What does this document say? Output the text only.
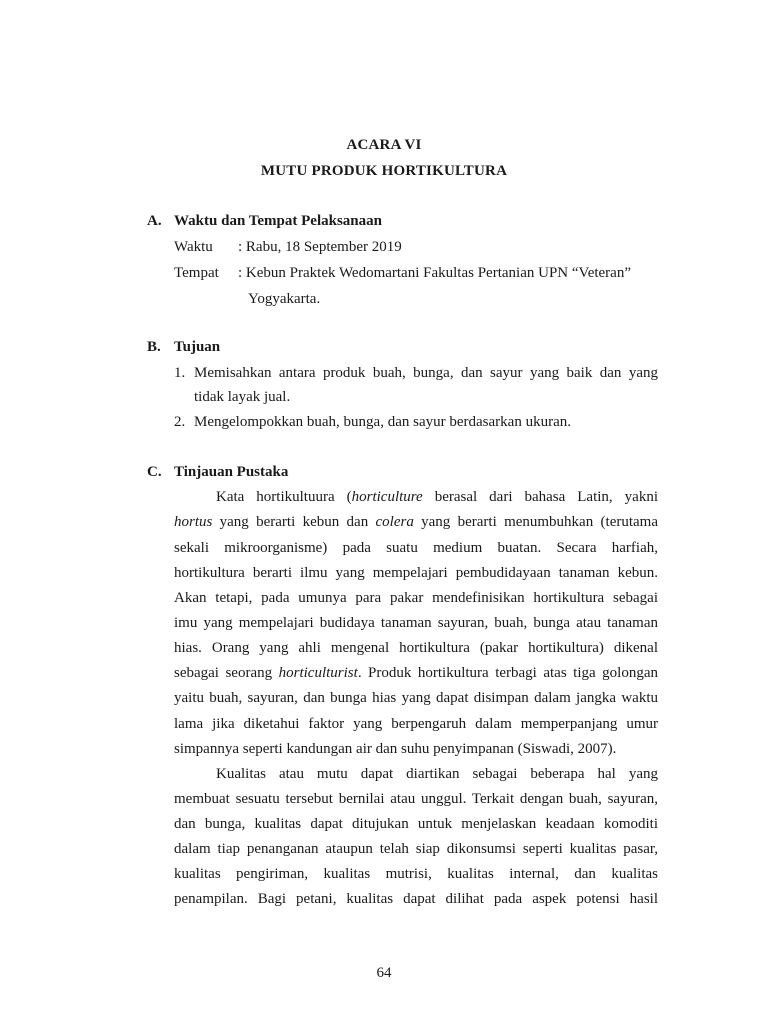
ACARA VI
MUTU PRODUK HORTIKULTURA
A. Waktu dan Tempat Pelaksanaan
Waktu : Rabu, 18 September 2019
Tempat : Kebun Praktek Wedomartani Fakultas Pertanian UPN “Veteran”
Yogyakarta.
B. Tujuan
1. Memisahkan antara produk buah, bunga, dan sayur yang baik dan yang
tidak layak jual.
2. Mengelompokkan buah, bunga, dan sayur berdasarkan ukuran.
C. Tinjauan Pustaka
Kata hortikultuura (horticulture berasal dari bahasa Latin, yakni
hortus yang berarti kebun dan colera yang berarti menumbuhkan (terutama
sekali mikroorganisme) pada suatu medium buatan. Secara harfiah,
hortikultura berarti ilmu yang mempelajari pembudidayaan tanaman kebun.
Akan tetapi, pada umunya para pakar mendefinisikan hortikultura sebagai
imu yang mempelajari budidaya tanaman sayuran, buah, bunga atau tanaman
hias. Orang yang ahli mengenal hortikultura (pakar hortikultura) dikenal
sebagai seorang horticulturist. Produk hortikultura terbagi atas tiga golongan
yaitu buah, sayuran, dan bunga hias yang dapat disimpan dalam jangka waktu
lama jika diketahui faktor yang berpengaruh dalam memperpanjang umur
simpannya seperti kandungan air dan suhu penyimpanan (Siswadi, 2007).
Kualitas atau mutu dapat diartikan sebagai beberapa hal yang
membuat sesuatu tersebut bernilai atau unggul. Terkait dengan buah, sayuran,
dan bunga, kualitas dapat ditujukan untuk menjelaskan keadaan komoditi
dalam tiap penanganan ataupun telah siap dikonsumsi seperti kualitas pasar,
kualitas pengiriman, kualitas mutrisi, kualitas internal, dan kualitas
penampilan. Bagi petani, kualitas dapat dilihat pada aspek potensi hasil
64
